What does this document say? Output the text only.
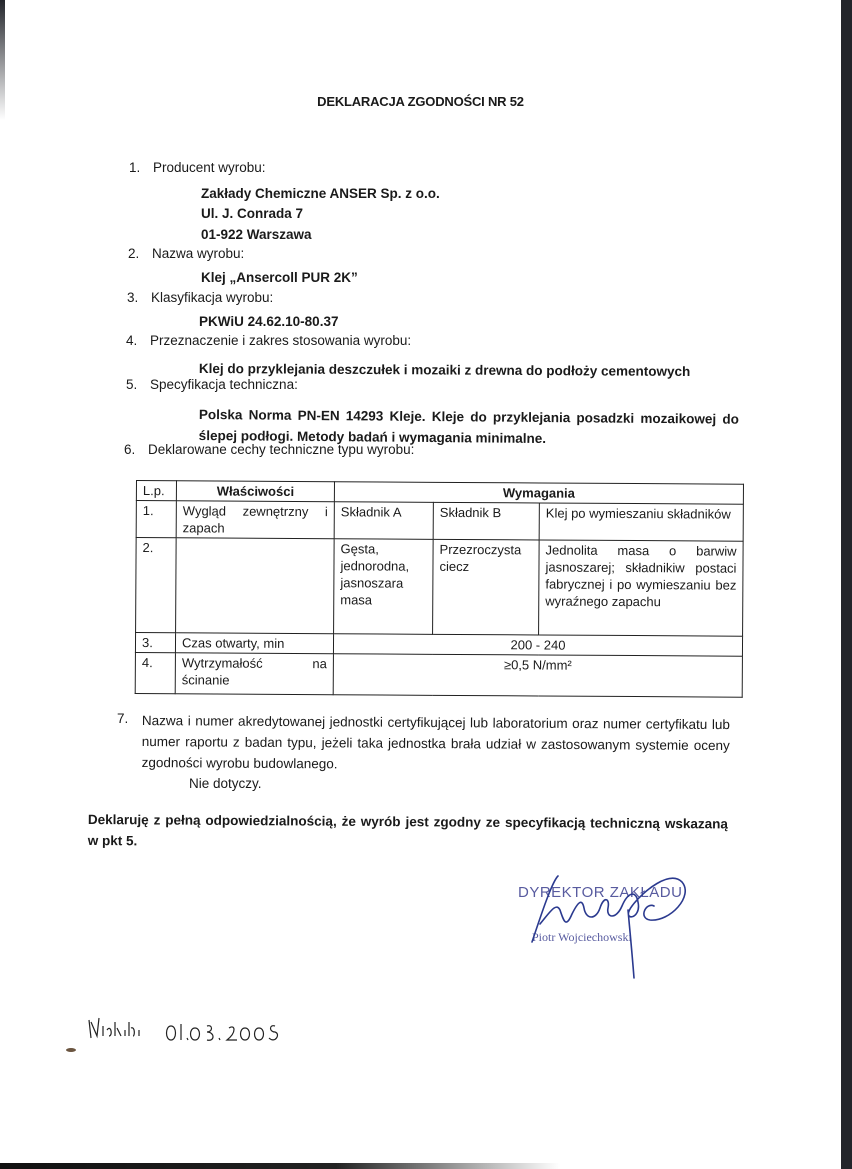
DEKLARACJA ZGODNOŚCI NR 52
1. Producent wyrobu:
Zakłady Chemiczne ANSER Sp. z o.o.
Ul. J. Conrada 7
01-922 Warszawa
2. Nazwa wyrobu:
Klej „Ansercoll PUR 2K”
3. Klasyfikacja wyrobu:
PKWiU 24.62.10-80.37
4. Przeznaczenie i zakres stosowania wyrobu:
Klej do przyklejania deszczułek i mozaiki z drewna do podłoży cementowych
5. Specyfikacja techniczna:
Polska Norma PN-EN 14293 Kleje. Kleje do przyklejania posadzki mozaikowej do ślepej podłogi. Metody badań i wymagania minimalne.
6. Deklarowane cechy techniczne typu wyrobu:
L.p.	Właściwości	Wymagania		
1.	Wygląd zewnętrzny i zapach	Składnik A	Składnik B	Klej po wymieszaniu składników
2.		Gęsta, jednorodna, jasnoszara masa	Przezroczysta ciecz	Jednolita masa o barwiw jasnoszarej; składnikiw postaci fabrycznej i po wymieszaniu bez wyraźnego zapachu
3.	Czas otwarty, min	200 - 240		
4.	Wytrzymałość na ścinanie	≥0,5 N/mm²		
7. Nazwa i numer akredytowanej jednostki certyfikującej lub laboratorium oraz numer certyfikatu lub numer raportu z badan typu, jeżeli taka jednostka brała udział w zastosowanym systemie oceny zgodności wyrobu budowlanego.
Nie dotyczy.
Deklaruję z pełną odpowiedzialnością, że wyrób jest zgodny ze specyfikacją techniczną wskazaną w pkt 5.
DYREKTOR ZAKŁADU
Piotr Wojciechowski
